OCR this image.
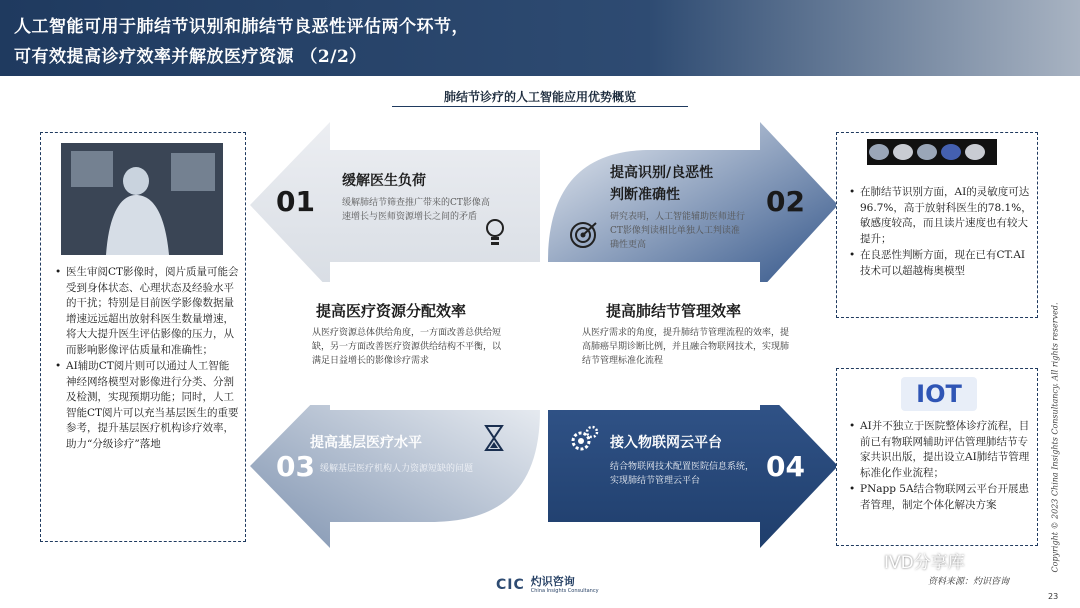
人工智能可用于肺结节识别和肺结节良恶性评估两个环节，
可有效提高诊疗效率并解放医疗资源 （2/2）
肺结节诊疗的人工智能应用优势概览
• 医生审阅CT影像时，阅片质量可能会受到身体状态、心理状态及经验水平的干扰；特别是目前医学影像数据量增速远远超出放射科医生数量增速，将大大提升医生评估影像的压力，从而影响影像评估质量和准确性；
• AI辅助CT阅片则可以通过人工智能神经网络模型对影像进行分类、分割及检测，实现预期功能；同时，人工智能CT阅片可以充当基层医生的重要参考，提升基层医疗机构诊疗效率，助力“分级诊疗”落地
• 在肺结节识别方面，AI的灵敏度可达96.7%，高于放射科医生的78.1%，敏感度较高，而且读片速度也有较大提升；
• 在良恶性判断方面，现在已有CT.AI技术可以超越梅奥模型
IOT
• AI并不独立于医院整体诊疗流程，目前已有物联网辅助评估管理肺结节专家共识出版，提出设立AI肺结节管理标准化作业流程；
• PNapp 5A结合物联网云平台开展患者管理，制定个体化解决方案
01
缓解医生负荷
缓解肺结节筛查推广带来的CT影像高速增长与医师资源增长之间的矛盾	02
提高识别/良恶性
判断准确性
研究表明，人工智能辅助医师进行CT影像判读相比单独人工判读准确性更高
提高医疗资源分配效率
从医疗资源总体供给角度，一方面改善总供给短缺，另一方面改善医疗资源供给结构不平衡，以满足日益增长的影像诊疗需求
提高肺结节管理效率
从医疗需求的角度，提升肺结节管理流程的效率，提高肺癌早期诊断比例，并且融合物联网技术，实现肺结节管理标准化流程
03
提高基层医疗水平
缓解基层医疗机构人力资源短缺的问题	04
接入物联网云平台
结合物联网技术配置医院信息系统，实现肺结节管理云平台
CIC 灼识咨询
China Insights Consultancy
IVD分享库
资料来源：灼识咨询
23
Copyright © 2023 China Insights Consultancy. All rights reserved.
